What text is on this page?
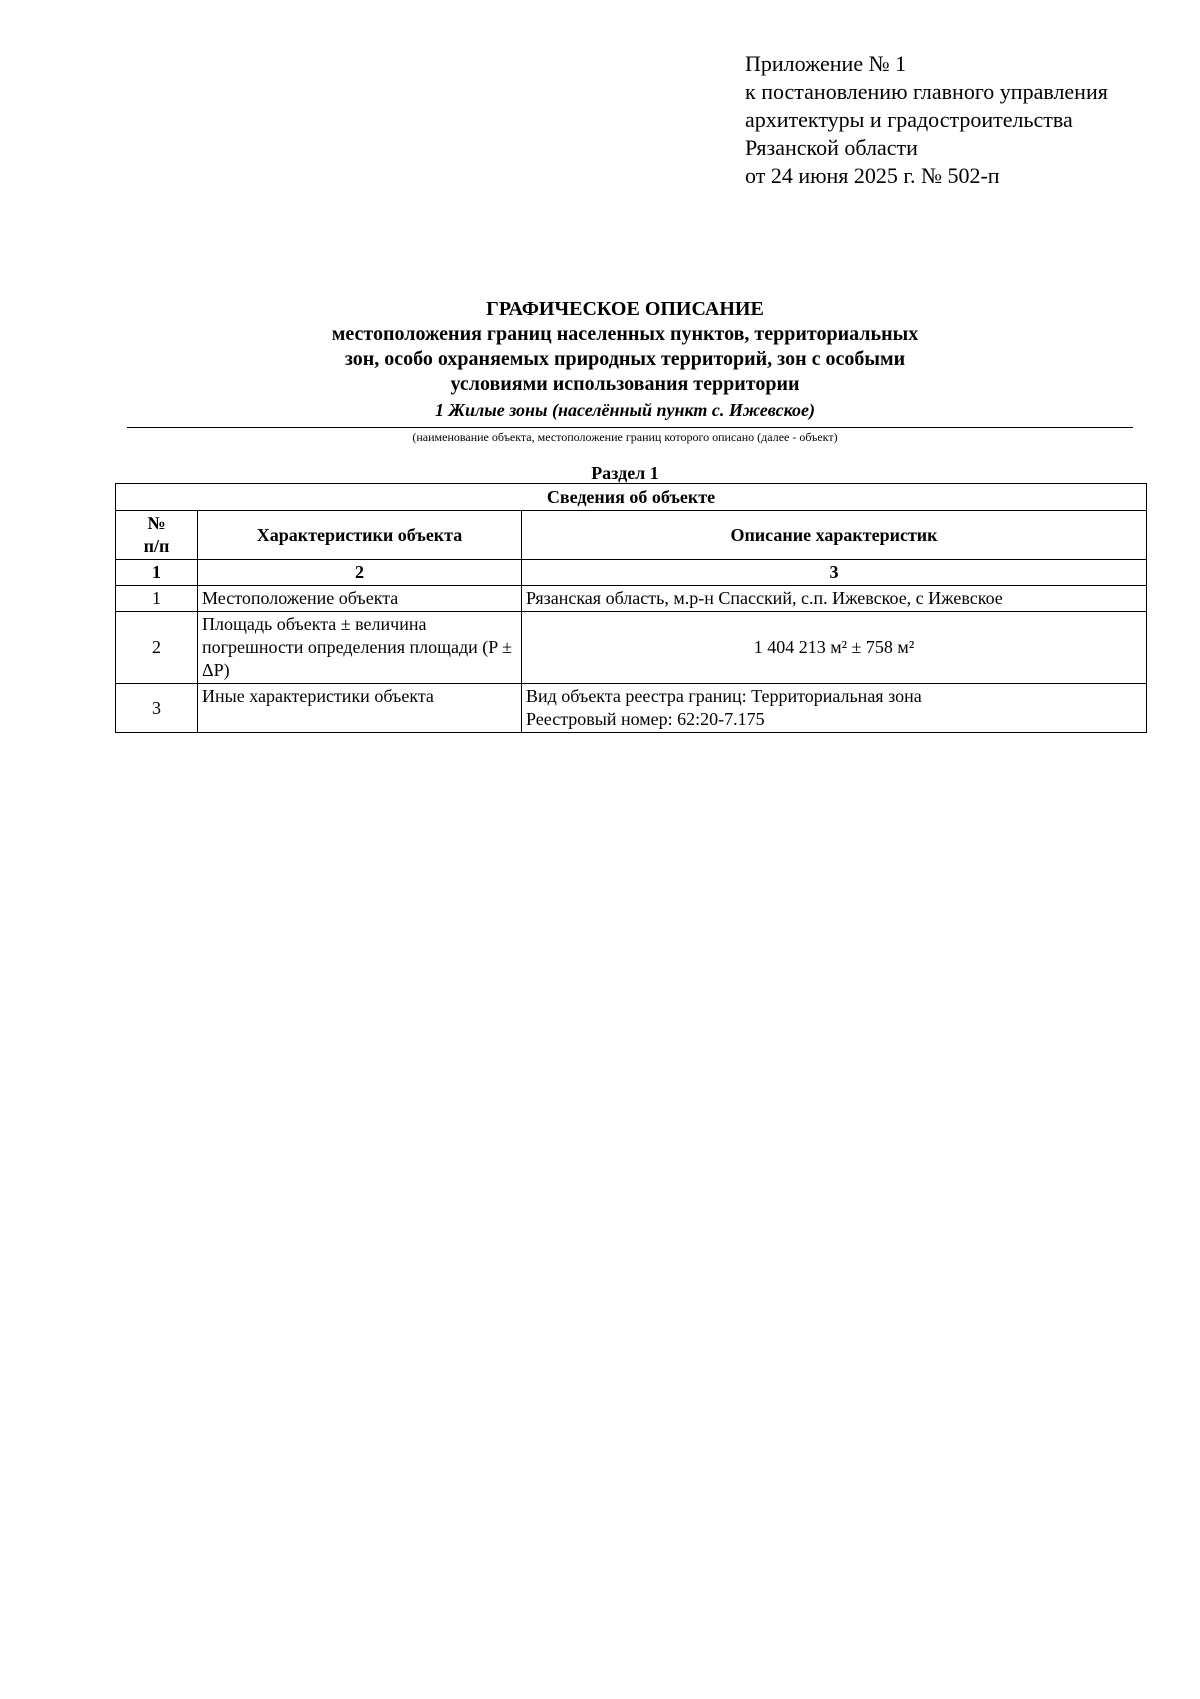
Приложение № 1
к постановлению главного управления
архитектуры и градостроительства
Рязанской области
от 24 июня 2025 г. № 502-п
ГРАФИЧЕСКОЕ ОПИСАНИЕ
местоположения границ населенных пунктов, территориальных
зон, особо охраняемых природных территорий, зон с особыми
условиями использования территории
1 Жилые зоны (населённый пункт с. Ижевское)
(наименование объекта, местоположение границ которого описано (далее - объект)
Раздел 1
Сведения об объекте		

№
п/п	Характеристики объекта	Описание характеристик
1	2	3
1	Местоположение объекта	Рязанская область, м.р-н Спасский, с.п. Ижевское, с Ижевское

2	Площадь объекта ± величина погрешности определения площади (P ± ΔP)	1 404 213 м² ± 758 м²

3	Иные характеристики объекта	Вид объекта реестра границ: Территориальная зона
Реестровый номер: 62:20-7.175
